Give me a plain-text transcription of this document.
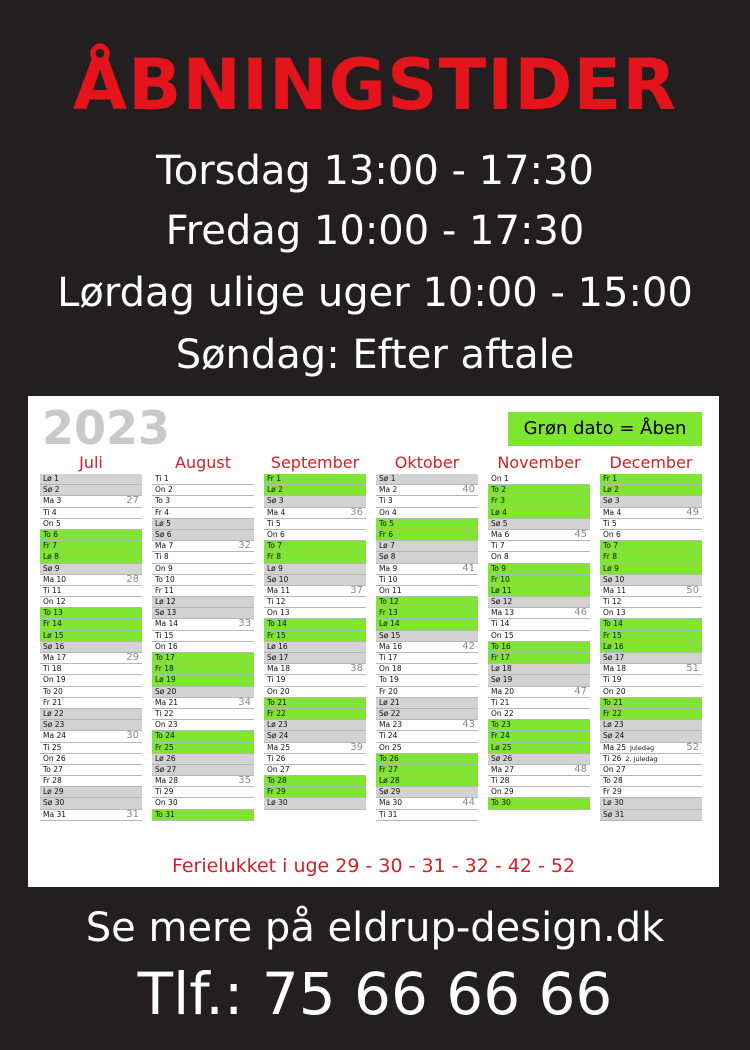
ÅBNINGSTIDER

Torsdag 13:00 - 17:30

Fredag 10:00 - 17:30

Lørdag ulige uger 10:00 - 15:00

Søndag: Efter aftale

2023	Grøn dato = Åben
Juli
Lø 1
Sø 2
Ma 3	27
Ti 4
On 5
To 6
Fr 7
Lø 8
Sø 9
Ma 10	28
Ti 11
On 12
To 13
Fr 14
Lø 15
Sø 16
Ma 17	29
Ti 18
On 19
To 20
Fr 21
Lø 22
Sø 23
Ma 24	30
Ti 25
On 26
To 27
Fr 28
Lø 29
Sø 30
Ma 31	31
August
Ti 1
On 2
To 3
Fr 4
Lø 5
Sø 6
Ma 7	32
Ti 8
On 9
To 10
Fr 11
Lø 12
Sø 13
Ma 14	33
Ti 15
On 16
To 17
Fr 18
Lø 19
Sø 20
Ma 21	34
Ti 22
On 23
To 24
Fr 25
Lø 26
Sø 27
Ma 28	35
Ti 29
On 30
To 31
September
Fr 1
Lø 2
Sø 3
Ma 4	36
Ti 5
On 6
To 7
Fr 8
Lø 9
Sø 10
Ma 11	37
Ti 12
On 13
To 14
Fr 15
Lø 16
Sø 17
Ma 18	38
Ti 19
On 20
To 21
Fr 22
Lø 23
Sø 24
Ma 25	39
Ti 26
On 27
To 28
Fr 29
Lø 30
Oktober
Sø 1
Ma 2	40
Ti 3
On 4
To 5
Fr 6
Lø 7
Sø 8
Ma 9	41
Ti 10
On 11
To 12
Fr 13
Lø 14
Sø 15
Ma 16	42
Ti 17
On 18
To 19
Fr 20
Lø 21
Sø 22
Ma 23	43
Ti 24
On 25
To 26
Fr 27
Lø 28
Sø 29
Ma 30	44
Ti 31
November
On 1
To 2
Fr 3
Lø 4
Sø 5
Ma 6	45
Ti 7
On 8
To 9
Fr 10
Lø 11
Sø 12
Ma 13	46
Ti 14
On 15
To 16
Fr 17
Lø 18
Sø 19
Ma 20	47
Ti 21
On 22
To 23
Fr 24
Lø 25
Sø 26
Ma 27	48
Ti 28
On 29
To 30
December
Fr 1
Lø 2
Sø 3
Ma 4	49
Ti 5
On 6
To 7
Fr 8
Lø 9
Sø 10
Ma 11	50
Ti 12
On 13
To 14
Fr 15
Lø 16
Sø 17
Ma 18	51
Ti 19
On 20
To 21
Fr 22
Lø 23
Sø 24
Ma 25 Juledag	52
Ti 26 2. juledag
On 27
To 28
Fr 29
Lø 30
Sø 31

Ferielukket i uge 29 - 30 - 31 - 32 - 42 - 52

Se mere på eldrup-design.dk

Tlf.: 75 66 66 66
